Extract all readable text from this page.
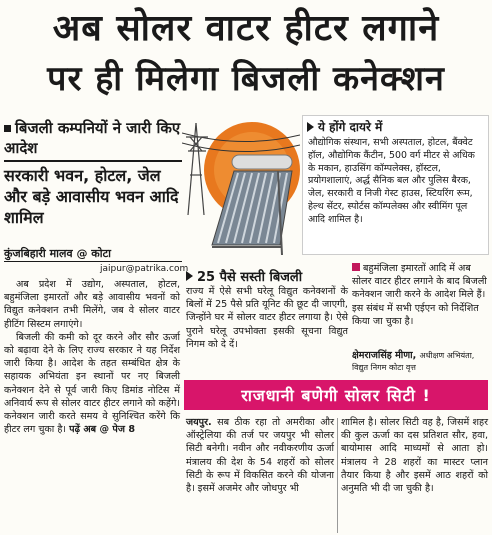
अब सोलर वाटर हीटर लगाने
पर ही मिलेगा बिजली कनेक्शन
बिजली कम्पनियों ने जारी किए आदेश
सरकारी भवन, होटल, जेल और बड़े आवासीय भवन आदि शामिल
कुंजबिहारी मालव @ कोटा
jaipur@patrika.com

अब प्रदेश में उद्योग, अस्पताल, होटल, बहुमंजिला इमारतों और बड़े आवासीय भवनों को विद्युत कनेक्शन तभी मिलेंगे, जब वे सोलर वाटर हीटिंग सिस्टम लगाएंगे।

बिजली की कमी को दूर करने और सौर ऊर्जा को बढ़ावा देने के लिए राज्य सरकार ने यह निर्देश जारी किया है। आदेश के तहत सम्बंधित क्षेत्र के सहायक अभियंता इन स्थानों पर नए बिजली कनेक्शन देने से पूर्व जारी किए डिमांड नोटिस में अनिवार्य रूप से सोलर वाटर हीटर लगाने को कहेंगे। कनेक्शन जारी करते समय वे सुनिश्चित करेंगे कि हीटर लग चुका है। पढ़ें अब @ पेज 8

ये होंगे दायरे में
औद्योगिक संस्थान, सभी अस्पताल, होटल, बैंक्वेट हॉल, औद्योगिक कैंटीन, 500 वर्ग मीटर से अधिक के मकान, हाउसिंग कॉम्पलेक्स, हॉस्टल, प्रयोगशालाएं, अर्द्ध सैनिक बल और पुलिस बैरक, जेल, सरकारी व निजी गेस्ट हाउस, स्टियरिंग रूम, हेल्थ सेंटर, स्पोर्टस कॉम्पलेक्स और स्वीमिंग पूल आदि शामिल है।
25 पैसे सस्ती बिजली
राज्य में ऐसे सभी घरेलू विद्युत कनेक्शनों के बिलों में 25 पैसे प्रति यूनिट की छूट दी जाएगी, जिन्होंने घर में सोलर वाटर हीटर लगाया है। ऐसे पुराने घरेलू उपभोक्ता इसकी सूचना विद्युत निगम को दे दें।
बहुमंजिला इमारतों आदि में अब सोलर वाटर हीटर लगाने के बाद बिजली कनेक्शन जारी करने के आदेश मिले हैं। इस संबंध में सभी एईएन को निर्देशित किया जा चुका है।
क्षेमराजसिंह मीणा, अधीक्षण अभियंता,
विद्युत निगम कोटा वृत्त
राजधानी बणेगी सोलर सिटी !
जयपुर. सब ठीक रहा तो अमरीका और ऑस्ट्रेलिया की तर्ज पर जयपुर भी सोलर सिटी बनेगी। नवीन और नवीकरणीय ऊर्जा मंत्रालय की देश के 54 शहरों को सोलर सिटी के रूप में विकसित करने की योजना है। इसमें अजमेर और जोधपुर भी
शामिल है। सोलर सिटी वह है, जिसमें शहर की कुल ऊर्जा का दस प्रतिशत सौर, हवा, बायोमास आदि माध्यमों से आता हो। मंत्रालय ने 28 शहरों का मास्टर प्लान तैयार किया है और इसमें आठ शहरों को अनुमति भी दी जा चुकी है।
